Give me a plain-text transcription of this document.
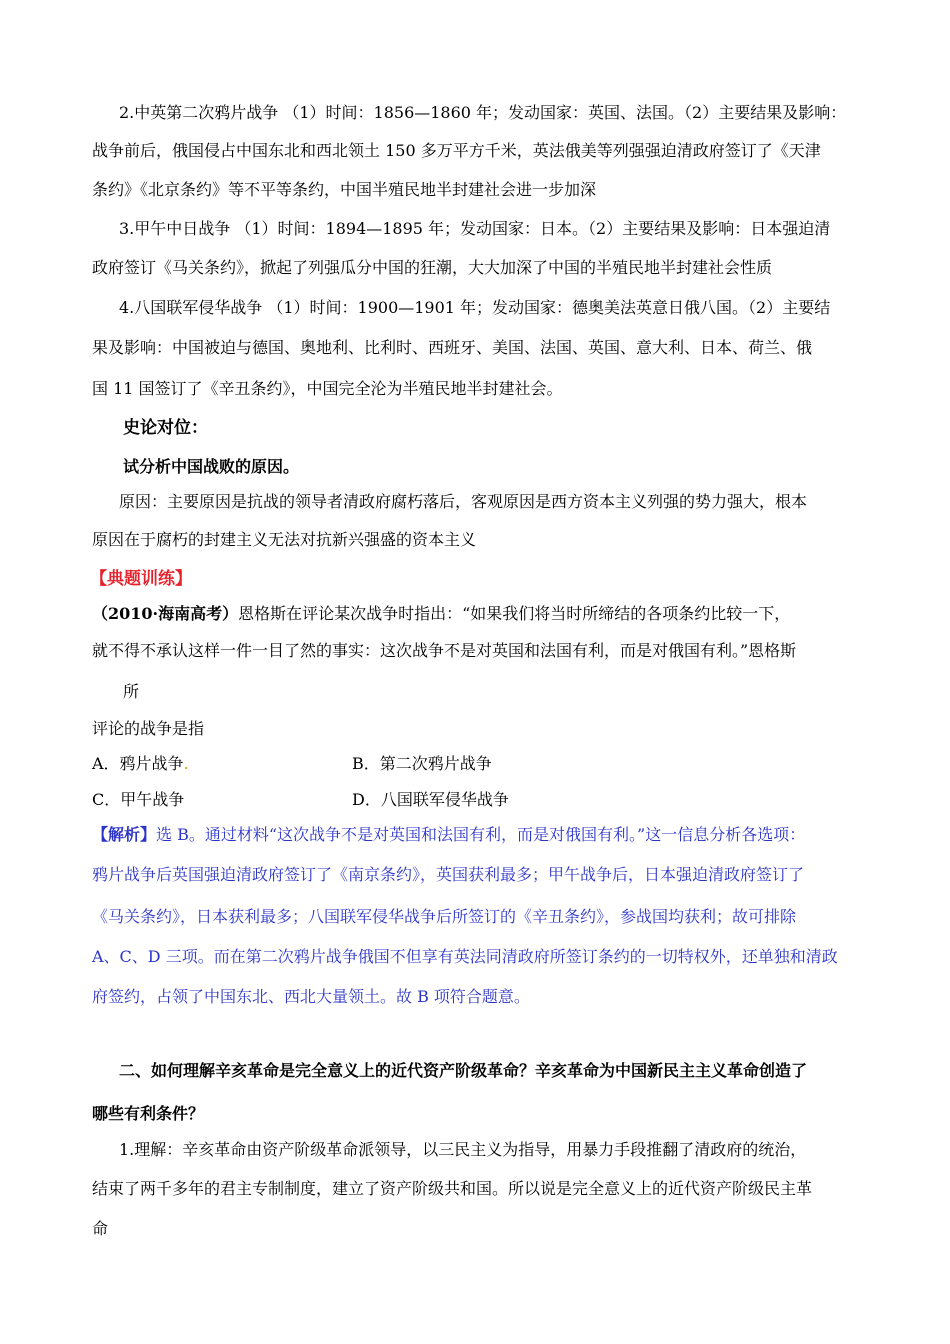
2.中英第二次鸦片战争 （1）时间：1856—1860 年；发动国家：英国、法国。（2）主要结果及影响：
战争前后，俄国侵占中国东北和西北领土 150 多万平方千米，英法俄美等列强强迫清政府签订了《天津
条约》《北京条约》等不平等条约，中国半殖民地半封建社会进一步加深
3.甲午中日战争 （1）时间：1894—1895 年；发动国家：日本。（2）主要结果及影响：日本强迫清
政府签订《马关条约》，掀起了列强瓜分中国的狂潮，大大加深了中国的半殖民地半封建社会性质
4.八国联军侵华战争 （1）时间：1900—1901 年；发动国家：德奥美法英意日俄八国。（2）主要结
果及影响：中国被迫与德国、奥地利、比利时、西班牙、美国、法国、英国、意大利、日本、荷兰、俄
国 11 国签订了《辛丑条约》，中国完全沦为半殖民地半封建社会。
史论对位：
试分析中国战败的原因。
原因：主要原因是抗战的领导者清政府腐朽落后，客观原因是西方资本主义列强的势力强大，根本
原因在于腐朽的封建主义无法对抗新兴强盛的资本主义
【典题训练】
（2010·海南高考）恩格斯在评论某次战争时指出：“如果我们将当时所缔结的各项条约比较一下，
就不得不承认这样一件一目了然的事实：这次战争不是对英国和法国有利，而是对俄国有利。”恩格斯
所
评论的战争是指
A．鸦片战争.	B．第二次鸦片战争
C．甲午战争	D．八国联军侵华战争
【解析】选 B。通过材料“这次战争不是对英国和法国有利，而是对俄国有利。”这一信息分析各选项：
鸦片战争后英国强迫清政府签订了《南京条约》，英国获利最多；甲午战争后，日本强迫清政府签订了
《马关条约》，日本获利最多；八国联军侵华战争后所签订的《辛丑条约》，参战国均获利；故可排除
A、C、D 三项。而在第二次鸦片战争俄国不但享有英法同清政府所签订条约的一切特权外，还单独和清政
府签约，占领了中国东北、西北大量领土。故 B 项符合题意。
二、如何理解辛亥革命是完全意义上的近代资产阶级革命？辛亥革命为中国新民主主义革命创造了
哪些有利条件？
1.理解：辛亥革命由资产阶级革命派领导，以三民主义为指导，用暴力手段推翻了清政府的统治，
结束了两千多年的君主专制制度，建立了资产阶级共和国。所以说是完全意义上的近代资产阶级民主革
命
